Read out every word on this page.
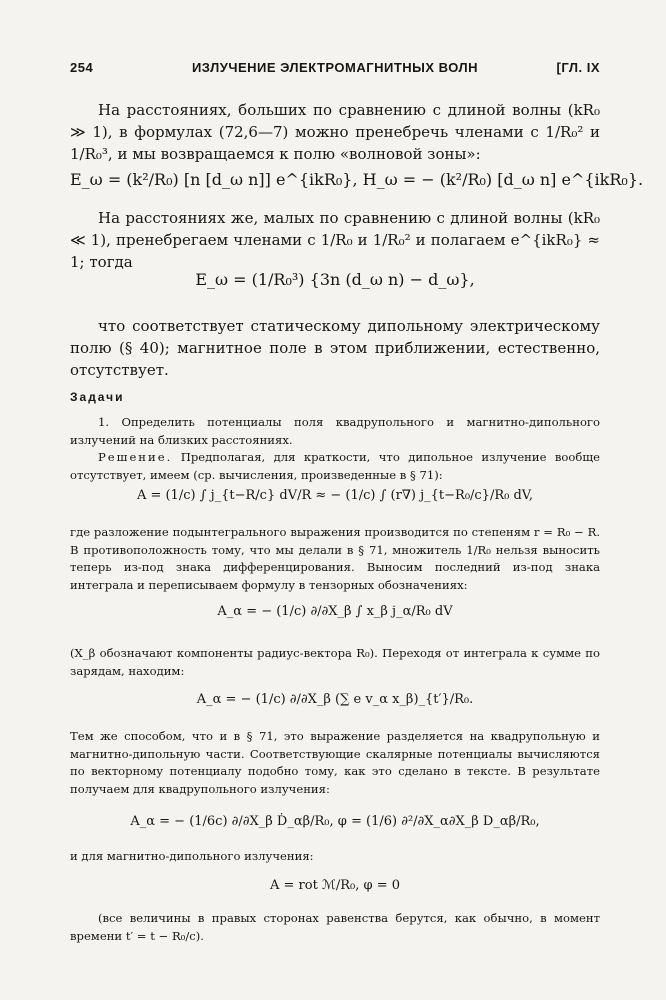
254	ИЗЛУЧЕНИЕ ЭЛЕКТРОМАГНИТНЫХ ВОЛН	[ГЛ. IX
На расстояниях, больших по сравнению с длиной волны (kR₀ ≫ 1), в формулах (72,6—7) можно пренебречь членами с 1/R₀² и 1/R₀³, и мы возвращаемся к полю «волновой зоны»:
E_ω = (k²/R₀) [n [d_ω n]] e^{ikR₀}, H_ω = − (k²/R₀) [d_ω n] e^{ikR₀}.
На расстояниях же, малых по сравнению с длиной волны (kR₀ ≪ 1), пренебрегаем членами с 1/R₀ и 1/R₀² и полагаем e^{ikR₀} ≈ 1; тогда
E_ω = (1/R₀³) {3n (d_ω n) − d_ω},
что соответствует статическому дипольному электрическому полю (§ 40); магнитное поле в этом приближении, естественно, отсутствует.
Задачи
1. Определить потенциалы поля квадрупольного и магнитно-дипольного излучений на близких расстояниях.
Решение. Предполагая, для краткости, что дипольное излучение вообще отсутствует, имеем (ср. вычисления, произведенные в § 71):
A = (1/c) ∫ j_{t−R/c} dV/R ≈ − (1/c) ∫ (r∇) j_{t−R₀/c}/R₀ dV,
где разложение подынтегрального выражения производится по степеням r = R₀ − R. В противоположность тому, что мы делали в § 71, множитель 1/R₀ нельзя выносить теперь из-под знака дифференцирования. Выносим последний из-под знака интеграла и переписываем формулу в тензорных обозначениях:
A_α = − (1/c) ∂/∂X_β ∫ x_β j_α/R₀ dV
(X_β обозначают компоненты радиус-вектора R₀). Переходя от интеграла к сумме по зарядам, находим:
A_α = − (1/c) ∂/∂X_β (∑ e v_α x_β)_{t′}/R₀.
Тем же способом, что и в § 71, это выражение разделяется на квадрупольную и магнитно-дипольную части. Соответствующие скалярные потенциалы вычисляются по векторному потенциалу подобно тому, как это сделано в тексте. В результате получаем для квадрупольного излучения:
A_α = − (1/6c) ∂/∂X_β Ḋ_αβ/R₀, φ = (1/6) ∂²/∂X_α∂X_β D_αβ/R₀,
и для магнитно-дипольного излучения:
A = rot ℳ/R₀, φ = 0
(все величины в правых сторонах равенства берутся, как обычно, в момент времени t′ = t − R₀/c).
